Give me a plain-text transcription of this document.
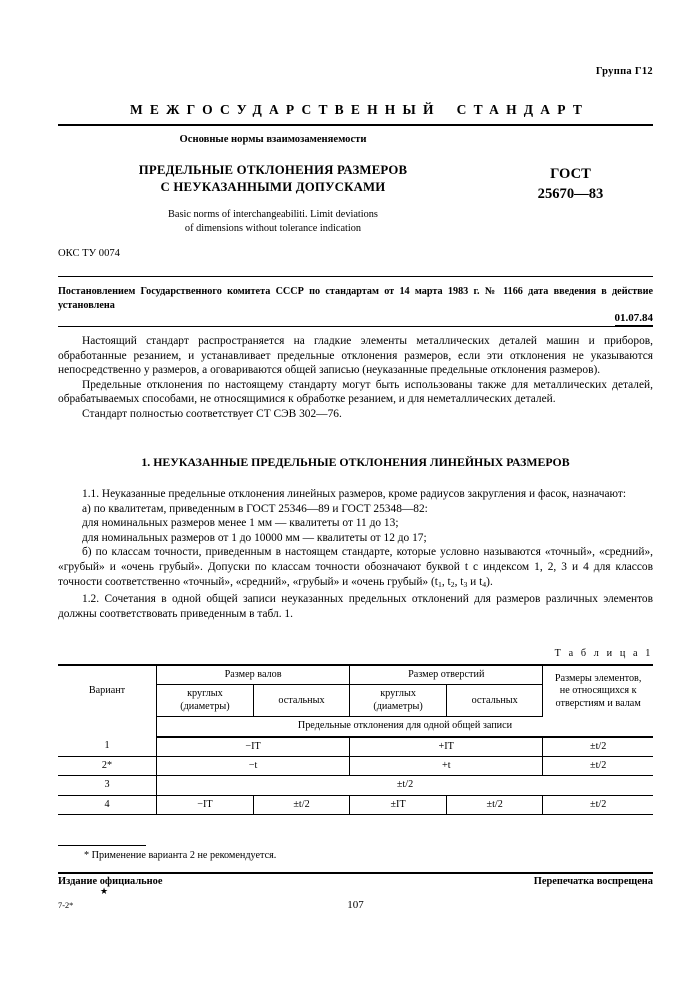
Группа Г12
МЕЖГОСУДАРСТВЕННЫЙ СТАНДАРТ
Основные нормы взаимозаменяемости
ПРЕДЕЛЬНЫЕ ОТКЛОНЕНИЯ РАЗМЕРОВ
С НЕУКАЗАННЫМИ ДОПУСКАМИ
Basic norms of interchangeabiliti. Limit deviations
of dimensions without tolerance indication
ГОСТ
25670—83
ОКС ТУ 0074
Постановлением Государственного комитета СССР по стандартам от 14 марта 1983 г. № 1166 дата введения в действие установлена
01.07.84

Настоящий стандарт распространяется на гладкие элементы металлических деталей машин и приборов, обработанные резанием, и устанавливает предельные отклонения размеров, если эти отклонения не указываются непосредственно у размеров, а оговариваются общей записью (неуказанные предельные отклонения размеров).

Предельные отклонения по настоящему стандарту могут быть использованы также для металлических деталей, обрабатываемых способами, не относящимися к обработке резанием, и для неметаллических деталей.

Стандарт полностью соответствует СТ СЭВ 302—76.

1. НЕУКАЗАННЫЕ ПРЕДЕЛЬНЫЕ ОТКЛОНЕНИЯ ЛИНЕЙНЫХ РАЗМЕРОВ

1.1. Неуказанные предельные отклонения линейных размеров, кроме радиусов закругления и фасок, назначают:

а) по квалитетам, приведенным в ГОСТ 25346—89 и ГОСТ 25348—82:

для номинальных размеров менее 1 мм — квалитеты от 11 до 13;

для номинальных размеров от 1 до 10000 мм — квалитеты от 12 до 17;

б) по классам точности, приведенным в настоящем стандарте, которые условно называются «точный», «средний», «грубый» и «очень грубый». Допуски по классам точности обозначают буквой t с индексом 1, 2, 3 и 4 для классов точности соответственно «точный», «средний», «грубый» и «очень грубый» ($t_1$, $t_2$, $t_3$ и $t_4$).

1.2. Сочетания в одной общей записи неуказанных предельных отклонений для размеров различных элементов должны соответствовать приведенным в табл. 1.

Т а б л и ц а 1
Вариант	Размер валов		Размер отверстий		Размеры элементов,
не относящихся к
отверстиям и валам
	круглых
(диаметры)	остальных	круглых
(диаметры)	остальных	
	Предельные отклонения для одной общей записи				
1	−IT		+IT		±t/2
2*	−t		+t		±t/2
3	±t/2				
4	−IT	±t/2	±IT	±t/2	±t/2
* Применение варианта 2 не рекомендуется.
Издание официальное	Перепечатка воспрещена
★
7-2*	107
